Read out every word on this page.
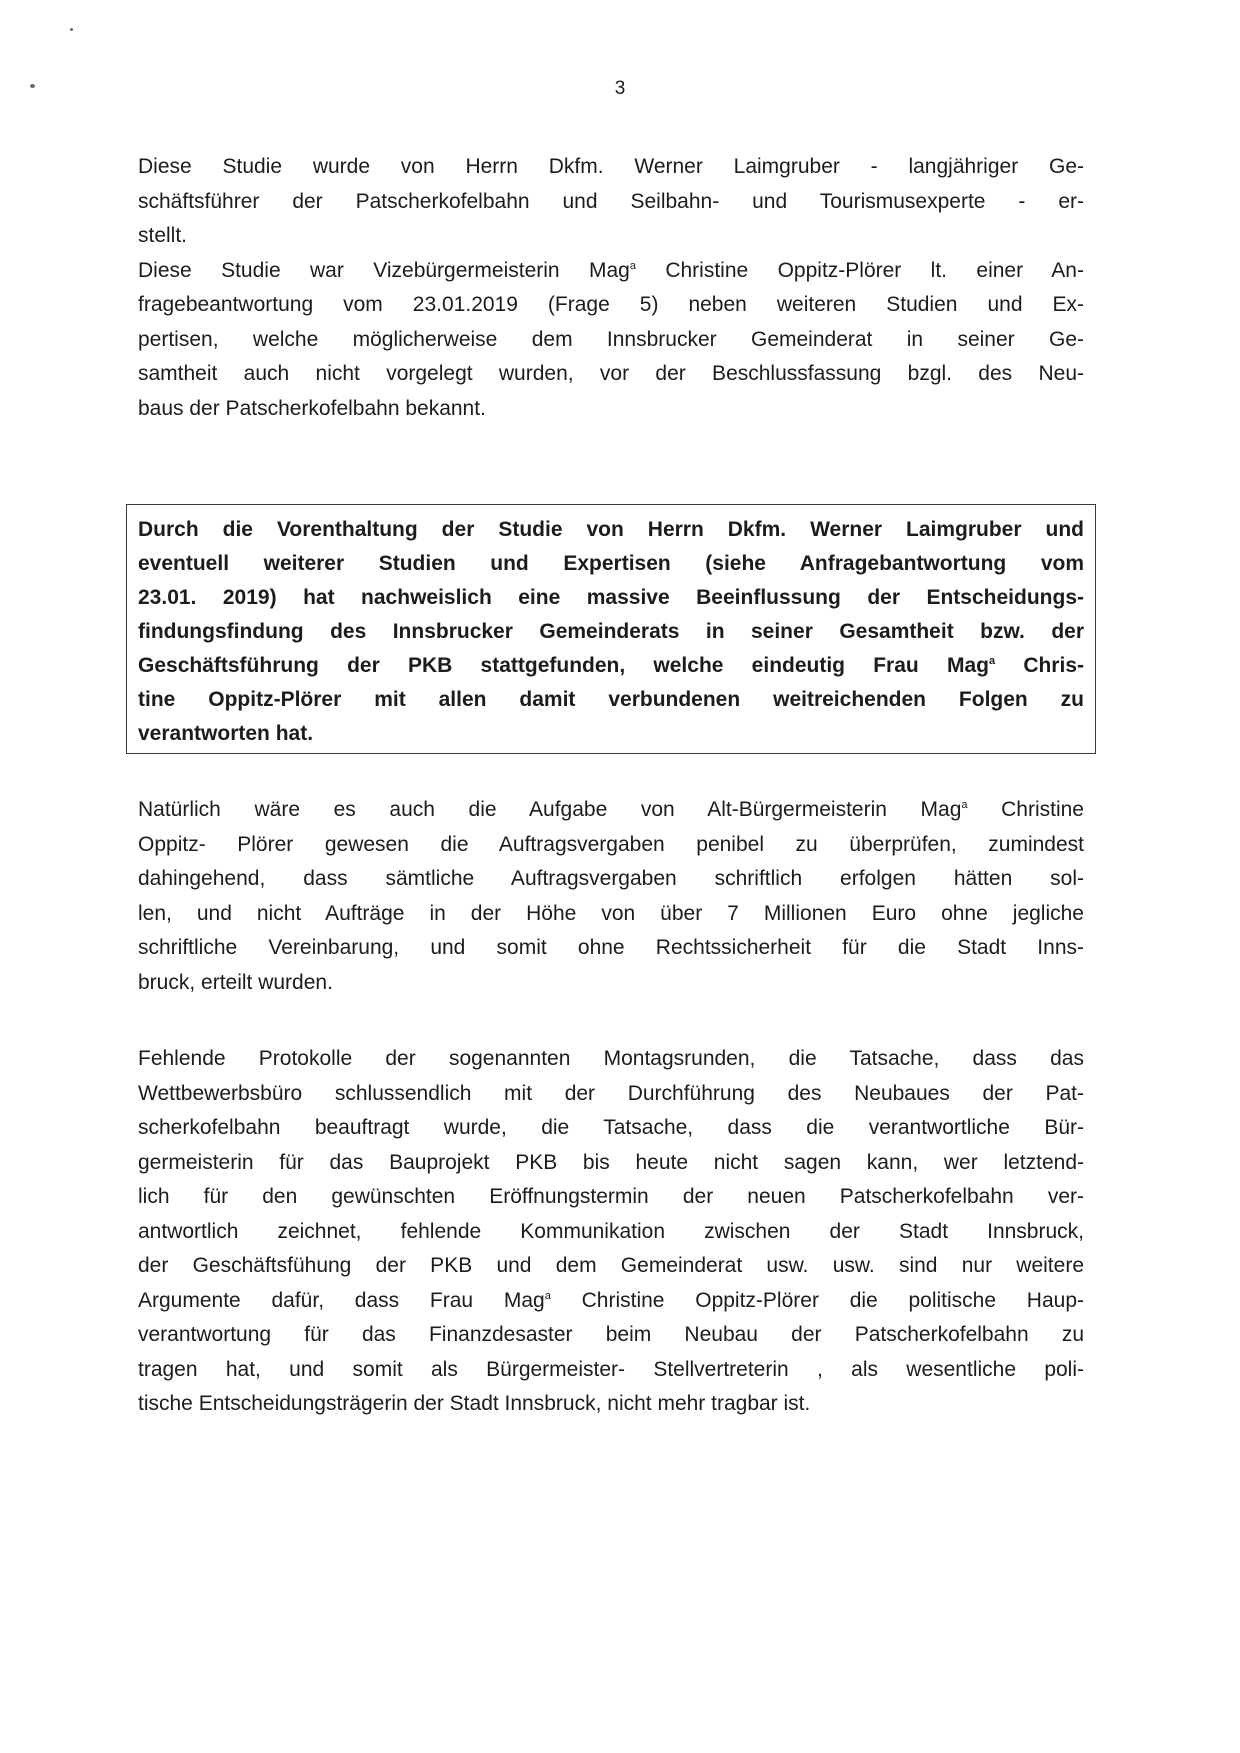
3
Diese Studie wurde von Herrn Dkfm. Werner Laimgruber - langjähriger Ge-
schäftsführer der Patscherkofelbahn und Seilbahn- und Tourismusexperte - er-
stellt.
Diese Studie war Vizebürgermeisterin Mag$^a$ Christine Oppitz-Plörer lt. einer An-
fragebeantwortung vom 23.01.2019 (Frage 5) neben weiteren Studien und Ex-
pertisen, welche möglicherweise dem Innsbrucker Gemeinderat in seiner Ge-
samtheit auch nicht vorgelegt wurden, vor der Beschlussfassung bzgl. des Neu-
baus der Patscherkofelbahn bekannt.
Durch die Vorenthaltung der Studie von Herrn Dkfm. Werner Laimgruber und
eventuell weiterer Studien und Expertisen (siehe Anfragebantwortung vom
23.01. 2019) hat nachweislich eine massive Beeinflussung der Entscheidungs-
findungsfindung des Innsbrucker Gemeinderats in seiner Gesamtheit bzw. der
Geschäftsführung der PKB stattgefunden, welche eindeutig Frau Mag$^a$ Chris-
tine Oppitz-Plörer mit allen damit verbundenen weitreichenden Folgen zu
verantworten hat.
Natürlich wäre es auch die Aufgabe von Alt-Bürgermeisterin Mag$^a$ Christine
Oppitz- Plörer gewesen die Auftragsvergaben penibel zu überprüfen, zumindest
dahingehend, dass sämtliche Auftragsvergaben schriftlich erfolgen hätten sol-
len, und nicht Aufträge in der Höhe von über 7 Millionen Euro ohne jegliche
schriftliche Vereinbarung, und somit ohne Rechtssicherheit für die Stadt Inns-
bruck, erteilt wurden.
Fehlende Protokolle der sogenannten Montagsrunden, die Tatsache, dass das
Wettbewerbsbüro schlussendlich mit der Durchführung des Neubaues der Pat-
scherkofelbahn beauftragt wurde, die Tatsache, dass die verantwortliche Bür-
germeisterin für das Bauprojekt PKB bis heute nicht sagen kann, wer letztend-
lich für den gewünschten Eröffnungstermin der neuen Patscherkofelbahn ver-
antwortlich zeichnet, fehlende Kommunikation zwischen der Stadt Innsbruck,
der Geschäftsfühung der PKB und dem Gemeinderat usw. usw. sind nur weitere
Argumente dafür, dass Frau Mag$^a$ Christine Oppitz-Plörer die politische Haup-
verantwortung für das Finanzdesaster beim Neubau der Patscherkofelbahn zu
tragen hat, und somit als Bürgermeister- Stellvertreterin , als wesentliche poli-
tische Entscheidungsträgerin der Stadt Innsbruck, nicht mehr tragbar ist.
